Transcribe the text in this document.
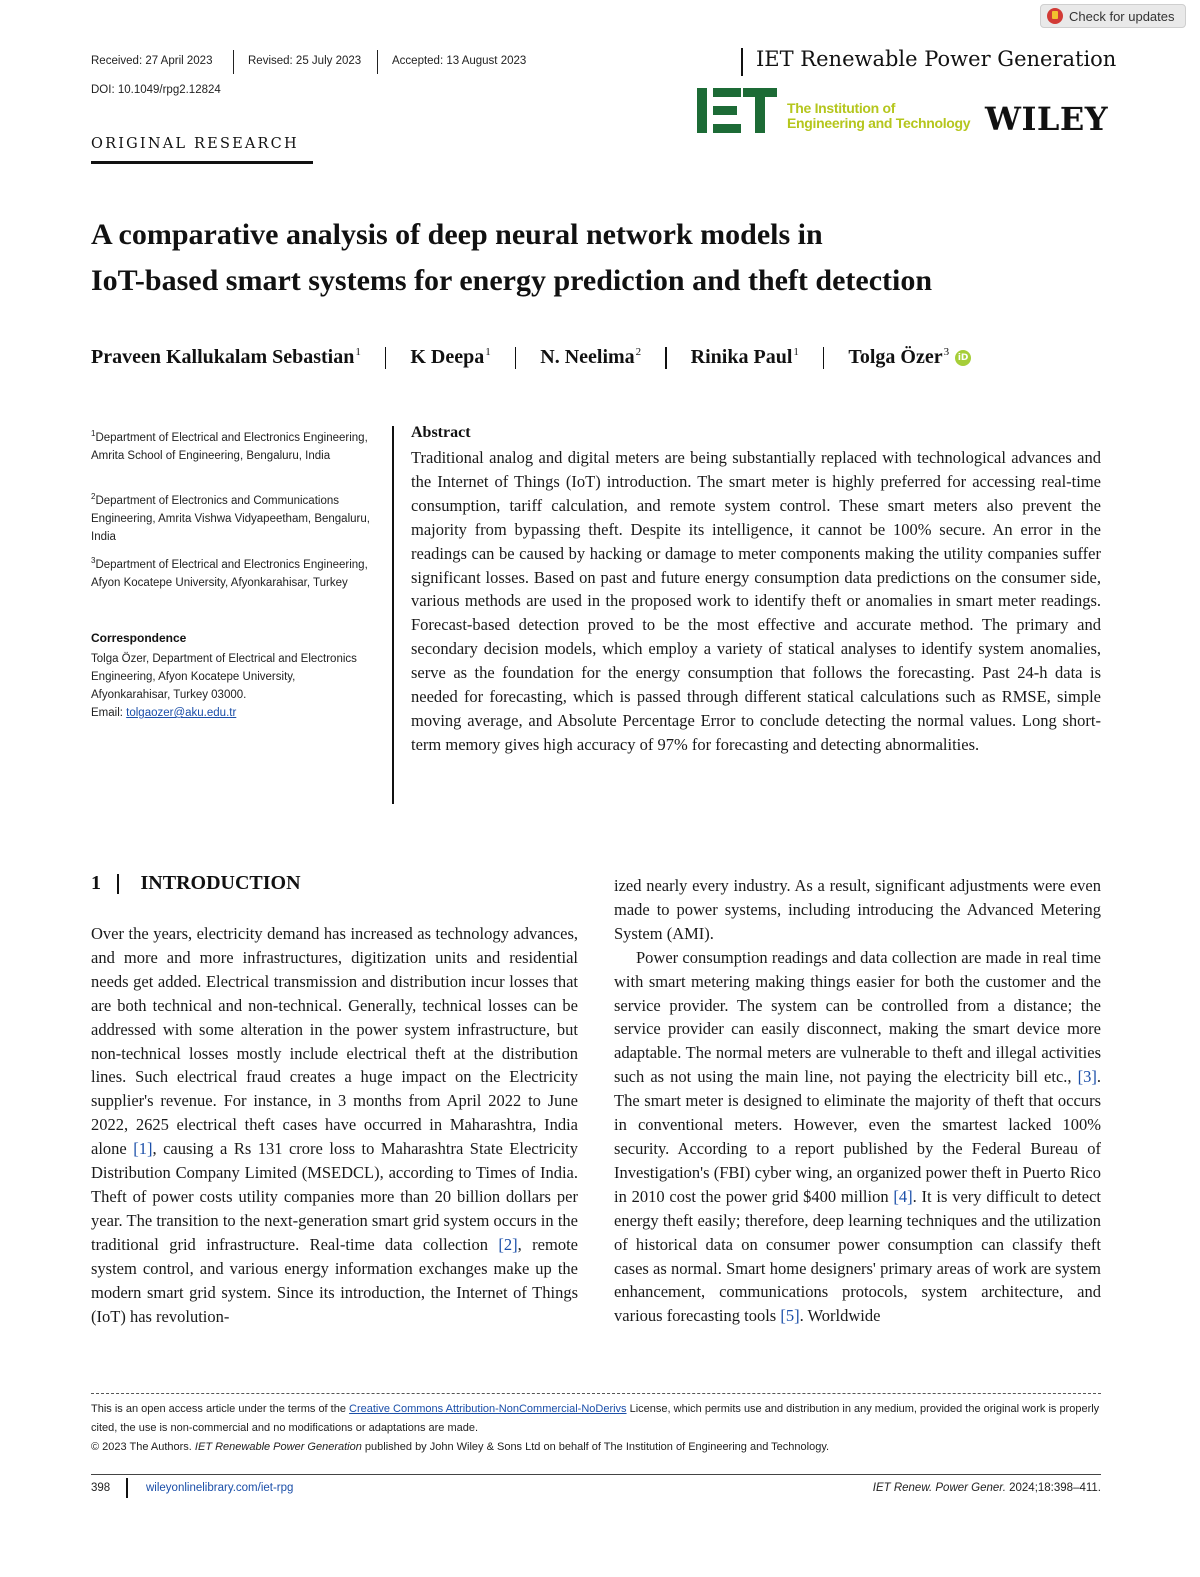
Check for updates
Received: 27 April 2023	Revised: 25 July 2023	Accepted: 13 August 2023
DOI: 10.1049/rpg2.12824
IET Renewable Power Generation
The Institution of
Engineering and Technology WILEY
ORIGINAL RESEARCH
A comparative analysis of deep neural network models in
IoT-based smart systems for energy prediction and theft detection
Praveen Kallukalam Sebastian$^1$ K Deepa$^1$ N. Neelima$^2$ Rinika Paul$^1$ Tolga Özer$^3$ iD
$^1$Department of Electrical and Electronics Engineering, Amrita School of Engineering, Bengaluru, India
$^2$Department of Electronics and Communications Engineering, Amrita Vishwa Vidyapeetham, Bengaluru, India
$^3$Department of Electrical and Electronics Engineering, Afyon Kocatepe University, Afyonkarahisar, Turkey
Correspondence
Tolga Özer, Department of Electrical and Electronics Engineering, Afyon Kocatepe University, Afyonkarahisar, Turkey 03000.
Email: tolgaozer@aku.edu.tr
Abstract
Traditional analog and digital meters are being substantially replaced with technological advances and the Internet of Things (IoT) introduction. The smart meter is highly preferred for accessing real-time consumption, tariff calculation, and remote system control. These smart meters also prevent the majority from bypassing theft. Despite its intelligence, it cannot be 100% secure. An error in the readings can be caused by hacking or damage to meter components making the utility companies suffer significant losses. Based on past and future energy consumption data predictions on the consumer side, various methods are used in the proposed work to identify theft or anomalies in smart meter readings. Forecast-based detection proved to be the most effective and accurate method. The primary and secondary decision models, which employ a variety of statical analyses to identify system anomalies, serve as the foundation for the energy consumption that follows the forecasting. Past 24-h data is needed for forecasting, which is passed through different statical calculations such as RMSE, simple moving average, and Absolute Percentage Error to conclude detecting the normal values. Long short-term memory gives high accuracy of 97% for forecasting and detecting abnormalities.
1 INTRODUCTION
Over the years, electricity demand has increased as technology advances, and more and more infrastructures, digitization units and residential needs get added. Electrical transmission and distribution incur losses that are both technical and non-technical. Generally, technical losses can be addressed with some alteration in the power system infrastructure, but non-technical losses mostly include electrical theft at the distribution lines. Such electrical fraud creates a huge impact on the Electricity supplier's revenue. For instance, in 3 months from April 2022 to June 2022, 2625 electrical theft cases have occurred in Maharashtra, India alone [1], causing a Rs 131 crore loss to Maharashtra State Electricity Distribution Company Limited (MSEDCL), according to Times of India. Theft of power costs utility companies more than 20 billion dollars per year. The transition to the next-generation smart grid system occurs in the traditional grid infrastructure. Real-time data collection [2], remote system control, and various energy information exchanges make up the modern smart grid system. Since its introduction, the Internet of Things (IoT) has revolution-
ized nearly every industry. As a result, significant adjustments were even made to power systems, including introducing the Advanced Metering System (AMI).
Power consumption readings and data collection are made in real time with smart metering making things easier for both the customer and the service provider. The system can be controlled from a distance; the service provider can easily disconnect, making the smart device more adaptable. The normal meters are vulnerable to theft and illegal activities such as not using the main line, not paying the electricity bill etc., [3]. The smart meter is designed to eliminate the majority of theft that occurs in conventional meters. However, even the smartest lacked 100% security. According to a report published by the Federal Bureau of Investigation's (FBI) cyber wing, an organized power theft in Puerto Rico in 2010 cost the power grid $400 million [4]. It is very difficult to detect energy theft easily; therefore, deep learning techniques and the utilization of historical data on consumer power consumption can classify theft cases as normal. Smart home designers' primary areas of work are system enhancement, communications protocols, system architecture, and various forecasting tools [5]. Worldwide
This is an open access article under the terms of the Creative Commons Attribution-NonCommercial-NoDerivs License, which permits use and distribution in any medium, provided the original work is properly cited, the use is non-commercial and no modifications or adaptations are made.
© 2023 The Authors. IET Renewable Power Generation published by John Wiley & Sons Ltd on behalf of The Institution of Engineering and Technology.
398	wileyonlinelibrary.com/iet-rpg	IET Renew. Power Gener. 2024;18:398–411.
